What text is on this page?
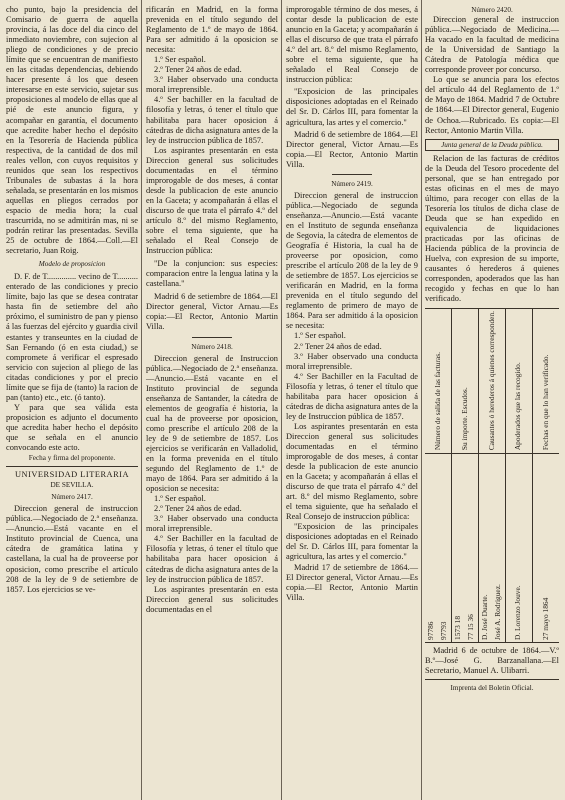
cho punto, bajo la presidencia del Comisario de guerra de aquella provincia, á las doce del dia cinco del inmediato noviembre, con sujecion al pliego de condiciones y de precio límite que se encuentran de manifiesto en las citadas dependencias, debiendo hacer presente á los que deseen interesarse en este servicio, sujetar sus proposiciones al modelo de ellas que al pié de este anuncio figura, y acompañar en garantía, el documento que acredite haber hecho el depósito en la Tesorería de Hacienda pública respectiva, de la cantidad de dos mil reales vellon, con cuyos requisitos y reunidos que sean los respectivos Tribunales de subastas á la hora señalada, se presentarán en los mismos aquellas en pliegos cerrados por espacio de media hora; la cual trascurrida, no se admitirán mas, ni se podrán retirar las presentadas. Sevilla 25 de octubre de 1864.—Coll.—El secretario, Juan Roig.

Modelo de proposicion

D. F. de T.............. vecino de T.......... enterado de las condiciones y precio límite, bajo las que se desea contratar hasta fin de setiembre del año próximo, el suministro de pan y pienso á las fuerzas del ejército y guardia civil estantes y transeuntes en la ciudad de San Fernando (ó en esta ciudad,) se compromete á verificar el espresado servicio con sujecion al pliego de las citadas condiciones y por el precio límite que se fija de (tanto) la racion de pan (tanto) etc., etc. (ó tanto).

Y para que sea válida esta proposicion es adjunto el documento que acredita haber hecho el depósito que se señala en el anuncio convocando este acto.

Fecha y firma del proponente.

UNIVERSIDAD LITERARIA

DE SEVILLA.

Número 2417.

Direccion general de instruccion pública.—Negociado de 2.ª enseñanza.—Anuncio.—Está vacante en el Instituto provincial de Cuenca, una cátedra de gramática latina y castellana, la cual ha de proveerse por oposicion, como prescribe el artículo 208 de la ley de 9 de setiembre de 1857. Los ejercicios se ve-

rificarán en Madrid, en la forma prevenida en el título segundo del Reglamento de 1.º de mayo de 1864. Para ser admitido á la oposicion se necesita:

1.º Ser español.

2.º Tener 24 años de edad.

3.º Haber observado una conducta moral irreprensible.

4.º Ser bachiller en la facultad de filosofía y letras, ó tener el título que habilitaba para hacer oposicion á cátedras de dicha asignatura antes de la ley de instruccion pública de 1857.

Los aspirantes presentarán en esta Direccion general sus solicitudes documentadas en el término improrogable de dos meses, á contar desde la publicacion de este anuncio en la Gaceta; y acompañarán á ellas el discurso de que trata el párrafo 4.º del artículo 8.º del mismo Reglamento, sobre el tema siguiente, que ha señalado el Real Consejo de Instruccion pública:

"De la conjuncion: sus especies: comparacion entre la lengua latina y la castellana."

Madrid 6 de setiembre de 1864.—El Director general, Victor Arnau.—Es copia:—El Rector, Antonio Martin Villa.

Número 2418.

Direccion general de Instruccion pública.—Negociado de 2.ª enseñanza.—Anuncio.—Está vacante en el Instituto provincial de segunda enseñanza de Santander, la cátedra de elementos de geografía é historia, la cual ha de proveerse por oposicion, como prescribe el artículo 208 de la ley de 9 de setiembre de 1857. Los ejercicios se verificarán en Valladolid, en la forma prevenida en el título segundo del Reglamento de 1.º de mayo de 1864. Para ser admitido á la oposicion se necesita:

1.º Ser español.

2.º Tener 24 años de edad.

3.º Haber observado una conducta moral irreprensible.

4.º Ser Bachiller en la facultad de Filosofía y letras, ó tener el título que habilitaba para hacer oposicion á cátedras de dicha asignatura antes de la ley de instruccion pública de 1857.

Los aspirantes presentarán en esta Direccion general sus solicitudes documentadas en el

improrogable término de dos meses, á contar desde la publicacion de este anuncio en la Gaceta; y acompañarán á ellas el discurso de que trata el párrafo 4.º del art. 8.º del mismo Reglamento, sobre el tema siguiente, que ha señalado el Real Consejo de instruccion pública:

"Exposicion de las principales disposiciones adoptadas en el Reinado del Sr. D. Cárlos III, para fomentar la agricultura, las artes y el comercio."

Madrid 6 de setiembre de 1864.—El Director general, Victor Arnau.—Es copia.—El Rector, Antonio Martin Villa.

Número 2419.

Direccion general de instruccion pública.—Negociado de segunda enseñanza.—Anuncio.—Está vacante en el Instituto de segunda enseñanza de Segovia, la cátedra de elementos de Geografía é Historia, la cual ha de proveerse por oposicion, como prescribe el artículo 208 de la ley de 9 de setiembre de 1857. Los ejercicios se verificarán en Madrid, en la forma prevenida en el título segundo del reglamento de primero de mayo de 1864. Para ser admitido á la oposicion se necesita:

1.º Ser español.

2.º Tener 24 años de edad.

3.º Haber observado una conducta moral irreprensible.

4.º Ser Bachiller en la Facultad de Filosofía y letras, ó tener el título que habilitaba para hacer oposicion á cátedras de dicha asignatura antes de la ley de Instruccion pública de 1857.

Los aspirantes presentarán en esta Direccion general sus solicitudes documentadas en el término improrogable de dos meses, á contar desde la publicacion de este anuncio en la Gaceta; y acompañarán á ellas el discurso de que trata el párrafo 4.º del art. 8.º del mismo Reglamento, sobre el tema siguiente, que ha señalado el Real Consejo de instruccion pública:

"Exposicion de las principales disposiciones adoptadas en el Reinado del Sr. D. Cárlos III, para fomentar la agricultura, las artes y el comercio."

Madrid 17 de setiembre de 1864.—El Director general, Victor Arnau.—Es copia.—El Rector, Antonio Martin Villa.

Número 2420.

Direccion general de instruccion pública.—Negociado de Medicina.—Ha vacado en la facultad de medicina de la Universidad de Santiago la Cátedra de Patología médica que corresponde proveer por concurso.

Lo que se anuncia para los efectos del artículo 44 del Reglamento de 1.º de Mayo de 1864. Madrid 7 de Octubre de 1864.—El Director general, Eugenio de Ochoa.—Rubricado. Es copia:—El Rector, Antonio Martin Villa.

Junta general de la Deuda pública.

Relacion de las facturas de créditos de la Deuda del Tesoro procedente del personal, que se han entregado por estas oficinas en el mes de mayo último, para recoger con ellas de la Tesorería los títulos de dicha clase de Deuda que se han expedido en equivalencia de liquidaciones practicadas por las oficinas de Hacienda pública de la provincia de Huelva, con expresion de su importe, causantes ó herederos á quienes corresponden, apoderados que las han recogido y fechas en que lo han verificado.

Número de salida de las facturas.	Su importe. Escudos.	Causantes ó herederos á quienes corresponden.	Apoderados que las recogido.	Fechas en que lo han verificado.

97786 97793	1573 18 77 15 36	D. José Duarte. José A. Rodriguez.	D. Lorenzo Jouve.	27 mayo 1864

Madrid 6 de octubre de 1864.—V.º B.º—José G. Barzanallana.—El Secretario, Manuel A. Ulibarri.

Imprenta del Boletin Oficial.
